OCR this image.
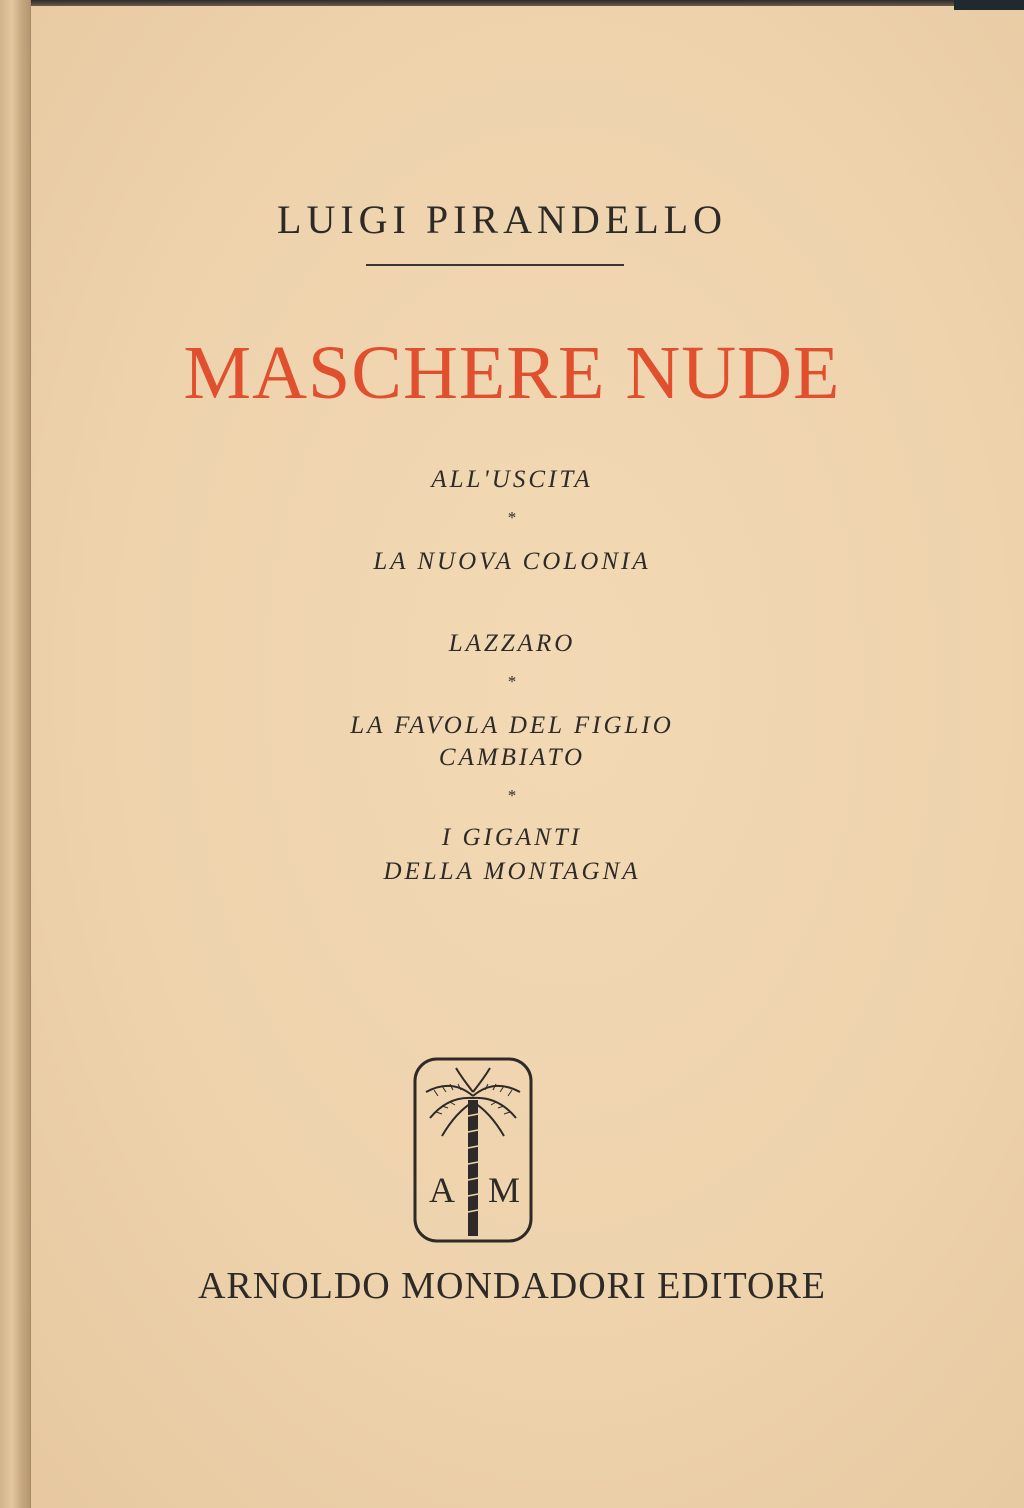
LUIGI PIRANDELLO
MASCHERE NUDE
ALL'USCITA
*
LA NUOVA COLONIA
LAZZARO
*
LA FAVOLA DEL FIGLIO
CAMBIATO
*
I GIGANTI
DELLA MONTAGNA
A M
ARNOLDO MONDADORI EDITORE
